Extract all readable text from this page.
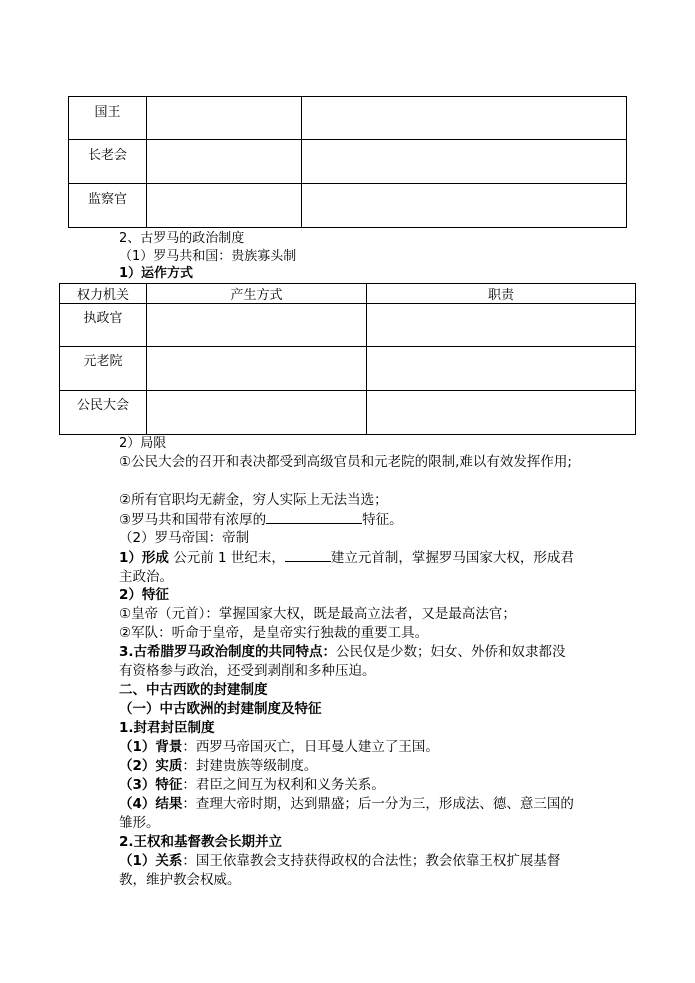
国王		
长老会		
监察官		
2、古罗马的政治制度
（1）罗马共和国：贵族寡头制
1）运作方式
权力机关	产生方式	职责
执政官		
元老院		
公民大会		
2）局限
①公民大会的召开和表决都受到高级官员和元老院的限制,难以有效发挥作用;
②所有官职均无薪金，穷人实际上无法当选；
③罗马共和国带有浓厚的	特征。
（2）罗马帝国：帝制
1）形成 公元前 1 世纪末，	建立元首制，掌握罗马国家大权，形成君主政治。
2）特征
①皇帝（元首）：掌握国家大权，既是最高立法者，又是最高法官；
②军队：听命于皇帝，是皇帝实行独裁的重要工具。
3.古希腊罗马政治制度的共同特点：公民仅是少数；妇女、外侨和奴隶都没有资格参与政治，还受到剥削和多种压迫。
二、中古西欧的封建制度
（一）中古欧洲的封建制度及特征
1.封君封臣制度
（1）背景：西罗马帝国灭亡，日耳曼人建立了王国。
（2）实质：封建贵族等级制度。
（3）特征：君臣之间互为权利和义务关系。
（4）结果：查理大帝时期，达到鼎盛；后一分为三，形成法、德、意三国的雏形。
2.王权和基督教会长期并立
（1）关系：国王依靠教会支持获得政权的合法性；教会依靠王权扩展基督教，维护教会权威。
